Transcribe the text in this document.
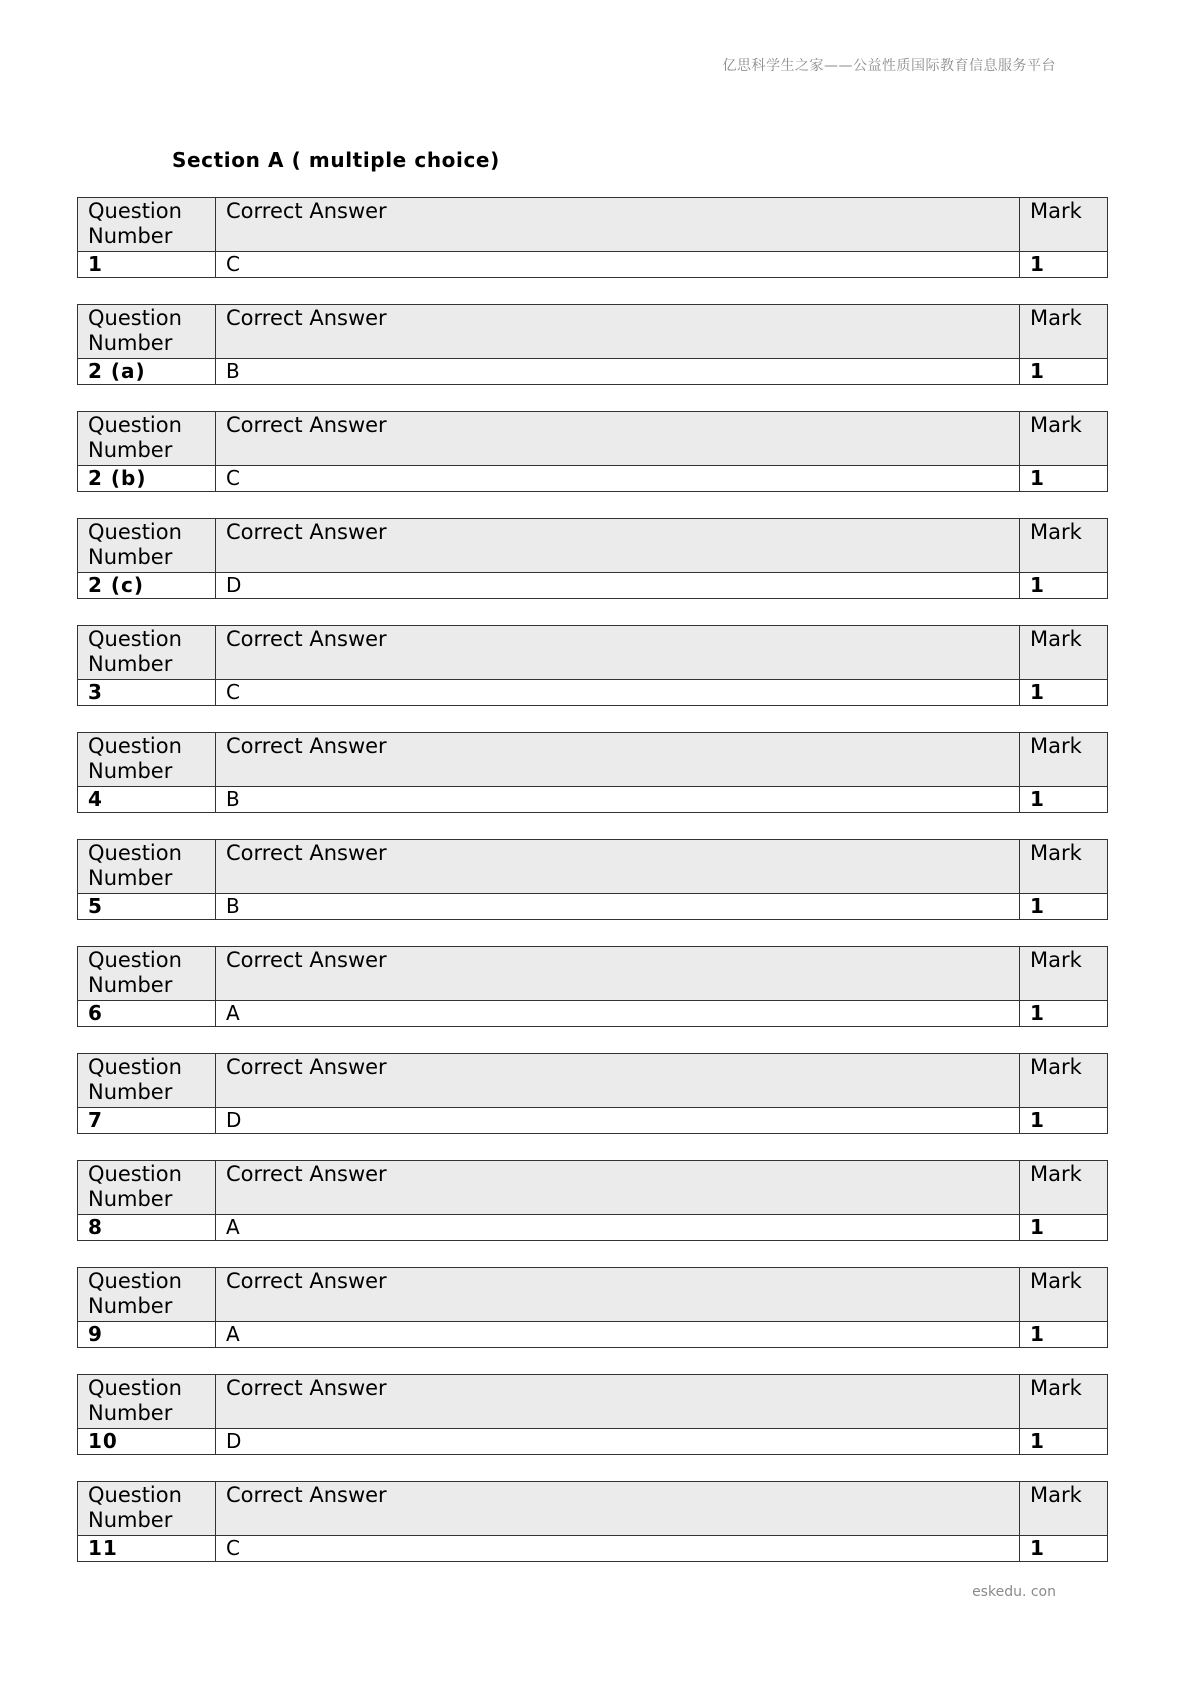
亿思科学生之家——公益性质国际教育信息服务平台
Section A ( multiple choice)
Question Number	Correct Answer	Mark
1	C	1
Question Number	Correct Answer	Mark
2 (a)	B	1
Question Number	Correct Answer	Mark
2 (b)	C	1
Question Number	Correct Answer	Mark
2 (c)	D	1
Question Number	Correct Answer	Mark
3	C	1
Question Number	Correct Answer	Mark
4	B	1
Question Number	Correct Answer	Mark
5	B	1
Question Number	Correct Answer	Mark
6	A	1
Question Number	Correct Answer	Mark
7	D	1
Question Number	Correct Answer	Mark
8	A	1
Question Number	Correct Answer	Mark
9	A	1
Question Number	Correct Answer	Mark
10	D	1
Question Number	Correct Answer	Mark
11	C	1
eskedu. con
